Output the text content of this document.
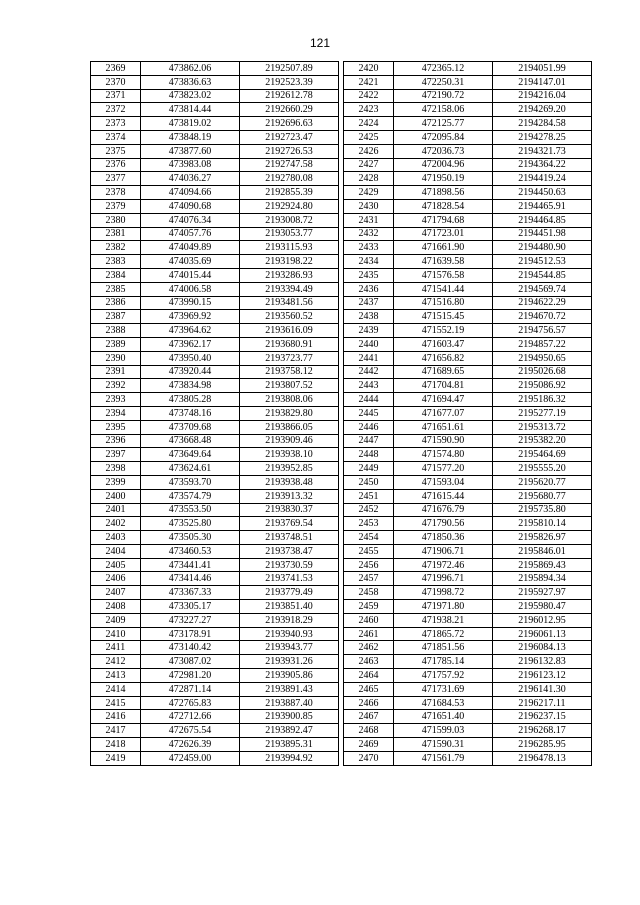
121
2369	473862.06	2192507.89
2370	473836.63	2192523.39
2371	473823.02	2192612.78
2372	473814.44	2192660.29
2373	473819.02	2192696.63
2374	473848.19	2192723.47
2375	473877.60	2192726.53
2376	473983.08	2192747.58
2377	474036.27	2192780.08
2378	474094.66	2192855.39
2379	474090.68	2192924.80
2380	474076.34	2193008.72
2381	474057.76	2193053.77
2382	474049.89	2193115.93
2383	474035.69	2193198.22
2384	474015.44	2193286.93
2385	474006.58	2193394.49
2386	473990.15	2193481.56
2387	473969.92	2193560.52
2388	473964.62	2193616.09
2389	473962.17	2193680.91
2390	473950.40	2193723.77
2391	473920.44	2193758.12
2392	473834.98	2193807.52
2393	473805.28	2193808.06
2394	473748.16	2193829.80
2395	473709.68	2193866.05
2396	473668.48	2193909.46
2397	473649.64	2193938.10
2398	473624.61	2193952.85
2399	473593.70	2193938.48
2400	473574.79	2193913.32
2401	473553.50	2193830.37
2402	473525.80	2193769.54
2403	473505.30	2193748.51
2404	473460.53	2193738.47
2405	473441.41	2193730.59
2406	473414.46	2193741.53
2407	473367.33	2193779.49
2408	473305.17	2193851.40
2409	473227.27	2193918.29
2410	473178.91	2193940.93
2411	473140.42	2193943.77
2412	473087.02	2193931.26
2413	472981.20	2193905.86
2414	472871.14	2193891.43
2415	472765.83	2193887.40
2416	472712.66	2193900.85
2417	472675.54	2193892.47
2418	472626.39	2193895.31
2419	472459.00	2193994.92
2420	472365.12	2194051.99
2421	472250.31	2194147.01
2422	472190.72	2194216.04
2423	472158.06	2194269.20
2424	472125.77	2194284.58
2425	472095.84	2194278.25
2426	472036.73	2194321.73
2427	472004.96	2194364.22
2428	471950.19	2194419.24
2429	471898.56	2194450.63
2430	471828.54	2194465.91
2431	471794.68	2194464.85
2432	471723.01	2194451.98
2433	471661.90	2194480.90
2434	471639.58	2194512.53
2435	471576.58	2194544.85
2436	471541.44	2194569.74
2437	471516.80	2194622.29
2438	471515.45	2194670.72
2439	471552.19	2194756.57
2440	471603.47	2194857.22
2441	471656.82	2194950.65
2442	471689.65	2195026.68
2443	471704.81	2195086.92
2444	471694.47	2195186.32
2445	471677.07	2195277.19
2446	471651.61	2195313.72
2447	471590.90	2195382.20
2448	471574.80	2195464.69
2449	471577.20	2195555.20
2450	471593.04	2195620.77
2451	471615.44	2195680.77
2452	471676.79	2195735.80
2453	471790.56	2195810.14
2454	471850.36	2195826.97
2455	471906.71	2195846.01
2456	471972.46	2195869.43
2457	471996.71	2195894.34
2458	471998.72	2195927.97
2459	471971.80	2195980.47
2460	471938.21	2196012.95
2461	471865.72	2196061.13
2462	471851.56	2196084.13
2463	471785.14	2196132.83
2464	471757.92	2196123.12
2465	471731.69	2196141.30
2466	471684.53	2196217.11
2467	471651.40	2196237.15
2468	471599.03	2196268.17
2469	471590.31	2196285.95
2470	471561.79	2196478.13
